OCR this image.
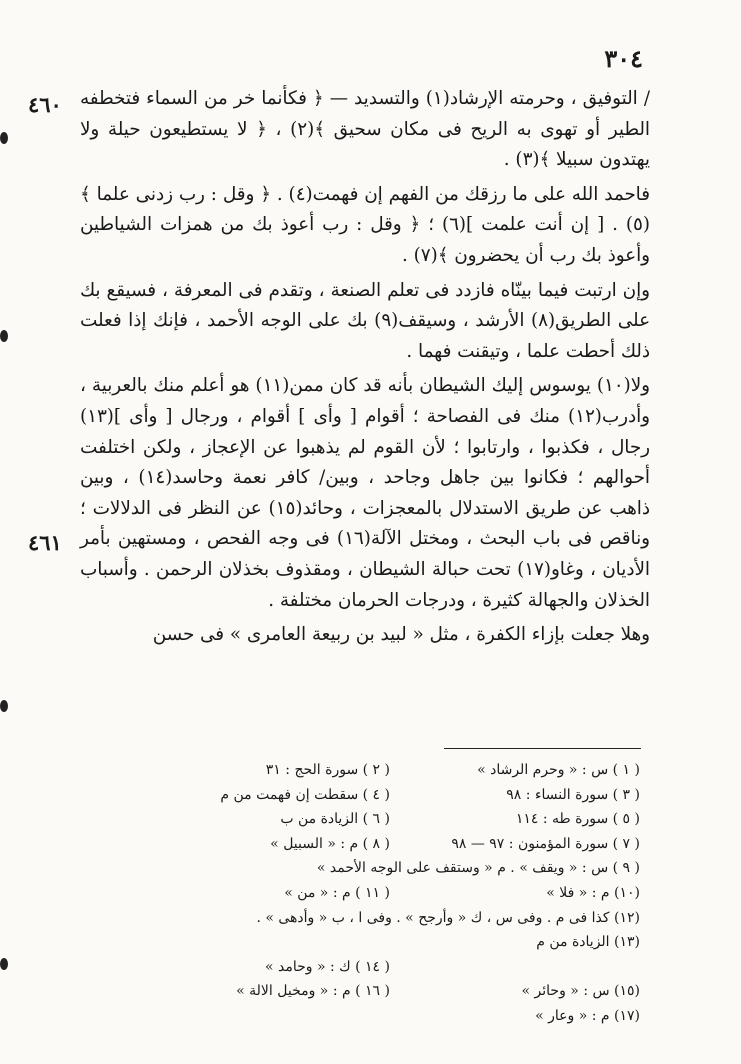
٣٠٤
٤٦٠
٤٦١

/ التوفيق ، وحرمته الإرشاد(١) والتسديد — ﴿ فكأنما خر من السماء فتخطفه الطير أو تهوى به الريح فى مكان سحيق ﴾(٢) ، ﴿ لا يستطيعون حيلة ولا يهتدون سبيلا ﴾(٣) .

فاحمد الله على ما رزقك من الفهم إن فهمت(٤) . ﴿ وقل : رب زدنى علما ﴾(٥) . [ إن أنت علمت ](٦) ؛ ﴿ وقل : رب أعوذ بك من همزات الشياطين وأعوذ بك رب أن يحضرون ﴾(٧) .

وإن ارتبت فيما بينّاه فازدد فى تعلم الصنعة ، وتقدم فى المعرفة ، فسيقع بك على الطريق(٨) الأرشد ، وسيقف(٩) بك على الوجه الأحمد ، فإنك إذا فعلت ذلك أحطت علما ، وتيقنت فهما .

ولا(١٠) يوسوس إليك الشيطان بأنه قد كان ممن(١١) هو أعلم منك بالعربية ، وأدرب(١٢) منك فى الفصاحة ؛ أقوام [ وأى ] أقوام ، ورجال [ وأى ](١٣) رجال ، فكذبوا ، وارتابوا ؛ لأن القوم لم يذهبوا عن الإعجاز ، ولكن اختلفت أحوالهم ؛ فكانوا بين جاهل وجاحد ، وبين/ كافر نعمة وحاسد(١٤) ، وبين ذاهب عن طريق الاستدلال بالمعجزات ، وحائد(١٥) عن النظر فى الدلالات ؛ وناقص فى باب البحث ، ومختل الآلة(١٦) فى وجه الفحص ، ومستهين بأمر الأديان ، وغاو(١٧) تحت حبالة الشيطان ، ومقذوف بخذلان الرحمن . وأسباب الخذلان والجهالة كثيرة ، ودرجات الحرمان مختلفة .

وهلا جعلت بإزاء الكفرة ، مثل « لبيد بن ربيعة العامرى » فى حسن

( ١ ) س : « وحرم الرشاد »
( ٢ ) سورة الحج : ٣١
( ٣ ) سورة النساء : ٩٨
( ٤ ) سقطت إن فهمت من م
( ٥ ) سورة طه : ١١٤
( ٦ ) الزيادة من ب
( ٧ ) سورة المؤمنون : ٩٧ — ٩٨
( ٨ ) م : « السبيل »
( ٩ ) س : « ويقف » . م « وستقف على الوجه الأحمد »
(١٠) م : « فلا »
( ١١ ) م : « من »
(١٢) كذا فى م . وفى س ، ك « وأرجح » . وفى ا ، ب « وأدهى » .
(١٣) الزيادة من م
( ١٤ ) ك : « وحامد »
(١٥) س : « وحائر »
( ١٦ ) م : « ومخيل الالة »
(١٧) م : « وعار »
